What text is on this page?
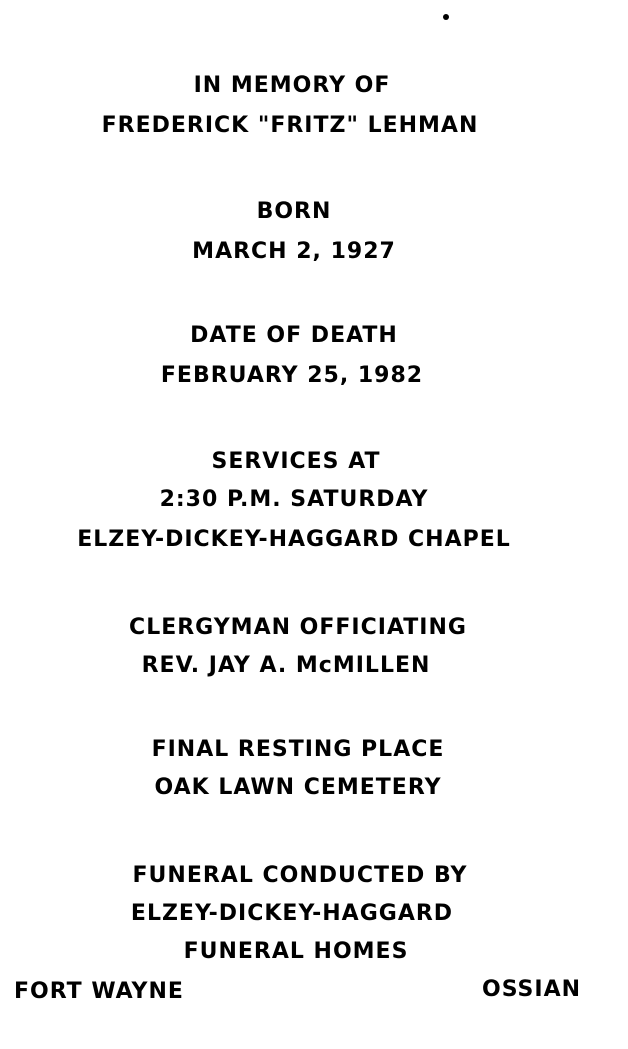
IN MEMORY OF
FREDERICK "FRITZ" LEHMAN
BORN
MARCH 2, 1927
DATE OF DEATH
FEBRUARY 25, 1982
SERVICES AT
2:30 P.M. SATURDAY
ELZEY-DICKEY-HAGGARD CHAPEL
CLERGYMAN OFFICIATING
REV. JAY A. McMILLEN
FINAL RESTING PLACE
OAK LAWN CEMETERY
FUNERAL CONDUCTED BY
ELZEY-DICKEY-HAGGARD
FUNERAL HOMES
FORT WAYNE	OSSIAN
